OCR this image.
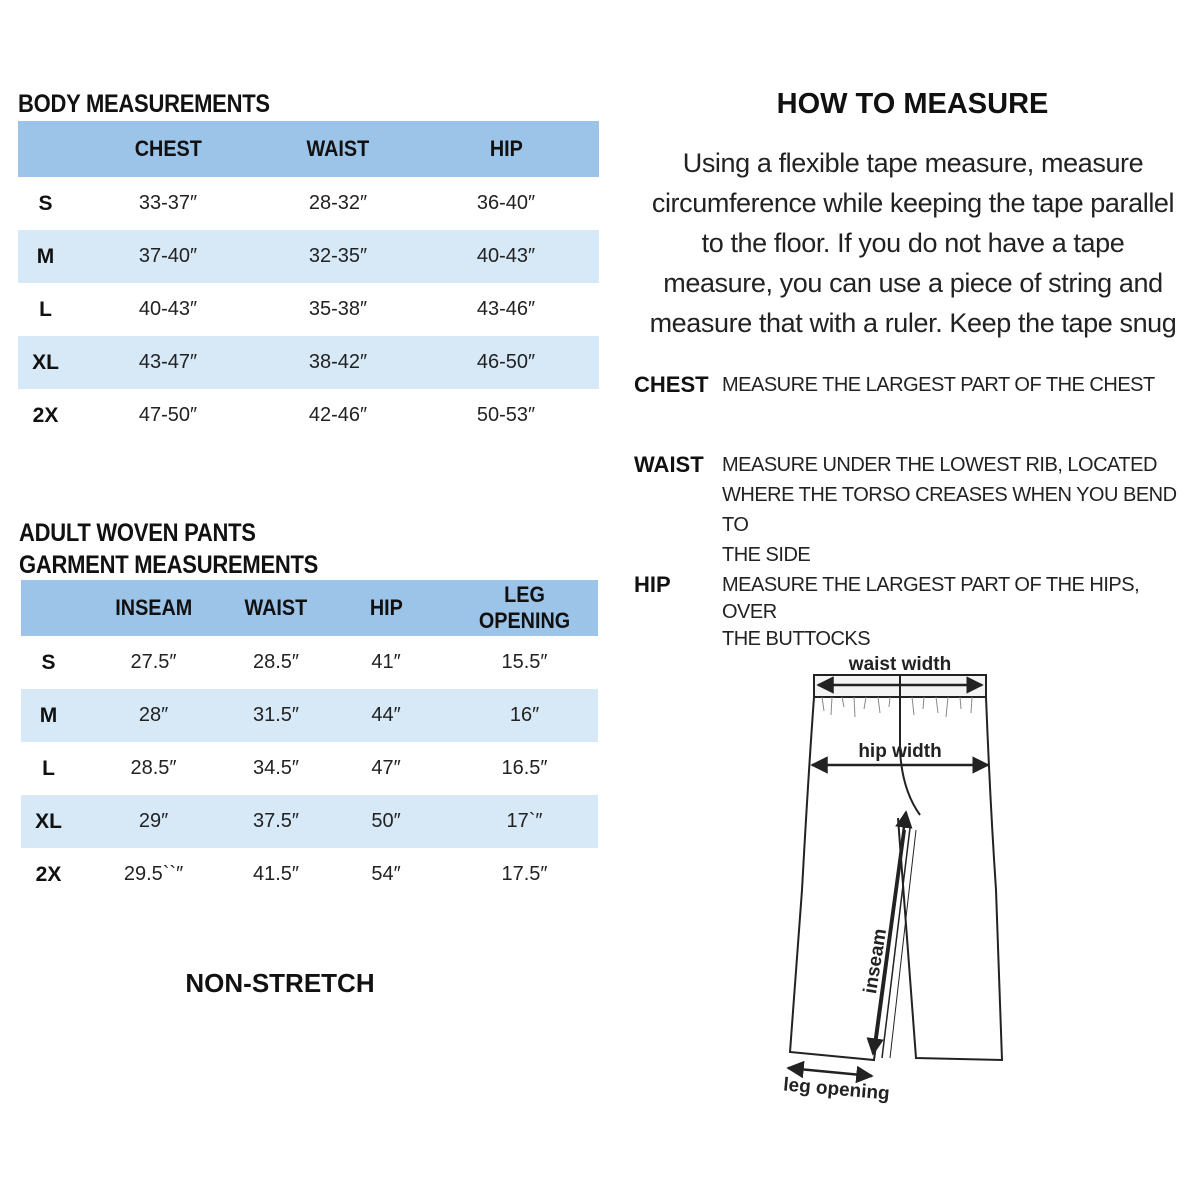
BODY MEASUREMENTS
	CHEST	WAIST	HIP
S	33-37″	28-32″	36-40″
M	37-40″	32-35″	40-43″
L	40-43″	35-38″	43-46″
XL	43-47″	38-42″	46-50″
2X	47-50″	42-46″	50-53″
ADULT WOVEN PANTS
GARMENT MEASUREMENTS
	INSEAM	WAIST	HIP	LEG OPENING
S	27.5″	28.5″	41″	15.5″
M	28″	31.5″	44″	16″
L	28.5″	34.5″	47″	16.5″
XL	29″	37.5″	50″	17`″
2X	29.5``″	41.5″	54″	17.5″
NON-STRETCH
HOW TO MEASURE
Using a flexible tape measure, measure
circumference while keeping the tape parallel
to the floor. If you do not have a tape
measure, you can use a piece of string and
measure that with a ruler. Keep the tape snug
CHEST MEASURE THE LARGEST PART OF THE CHEST
WAIST MEASURE UNDER THE LOWEST RIB, LOCATED
WHERE THE TORSO CREASES WHEN YOU BEND TO
THE SIDE
HIP	MEASURE THE LARGEST PART OF THE HIPS, OVER
THE BUTTOCKS
waist width
hip width
inseam
leg opening
